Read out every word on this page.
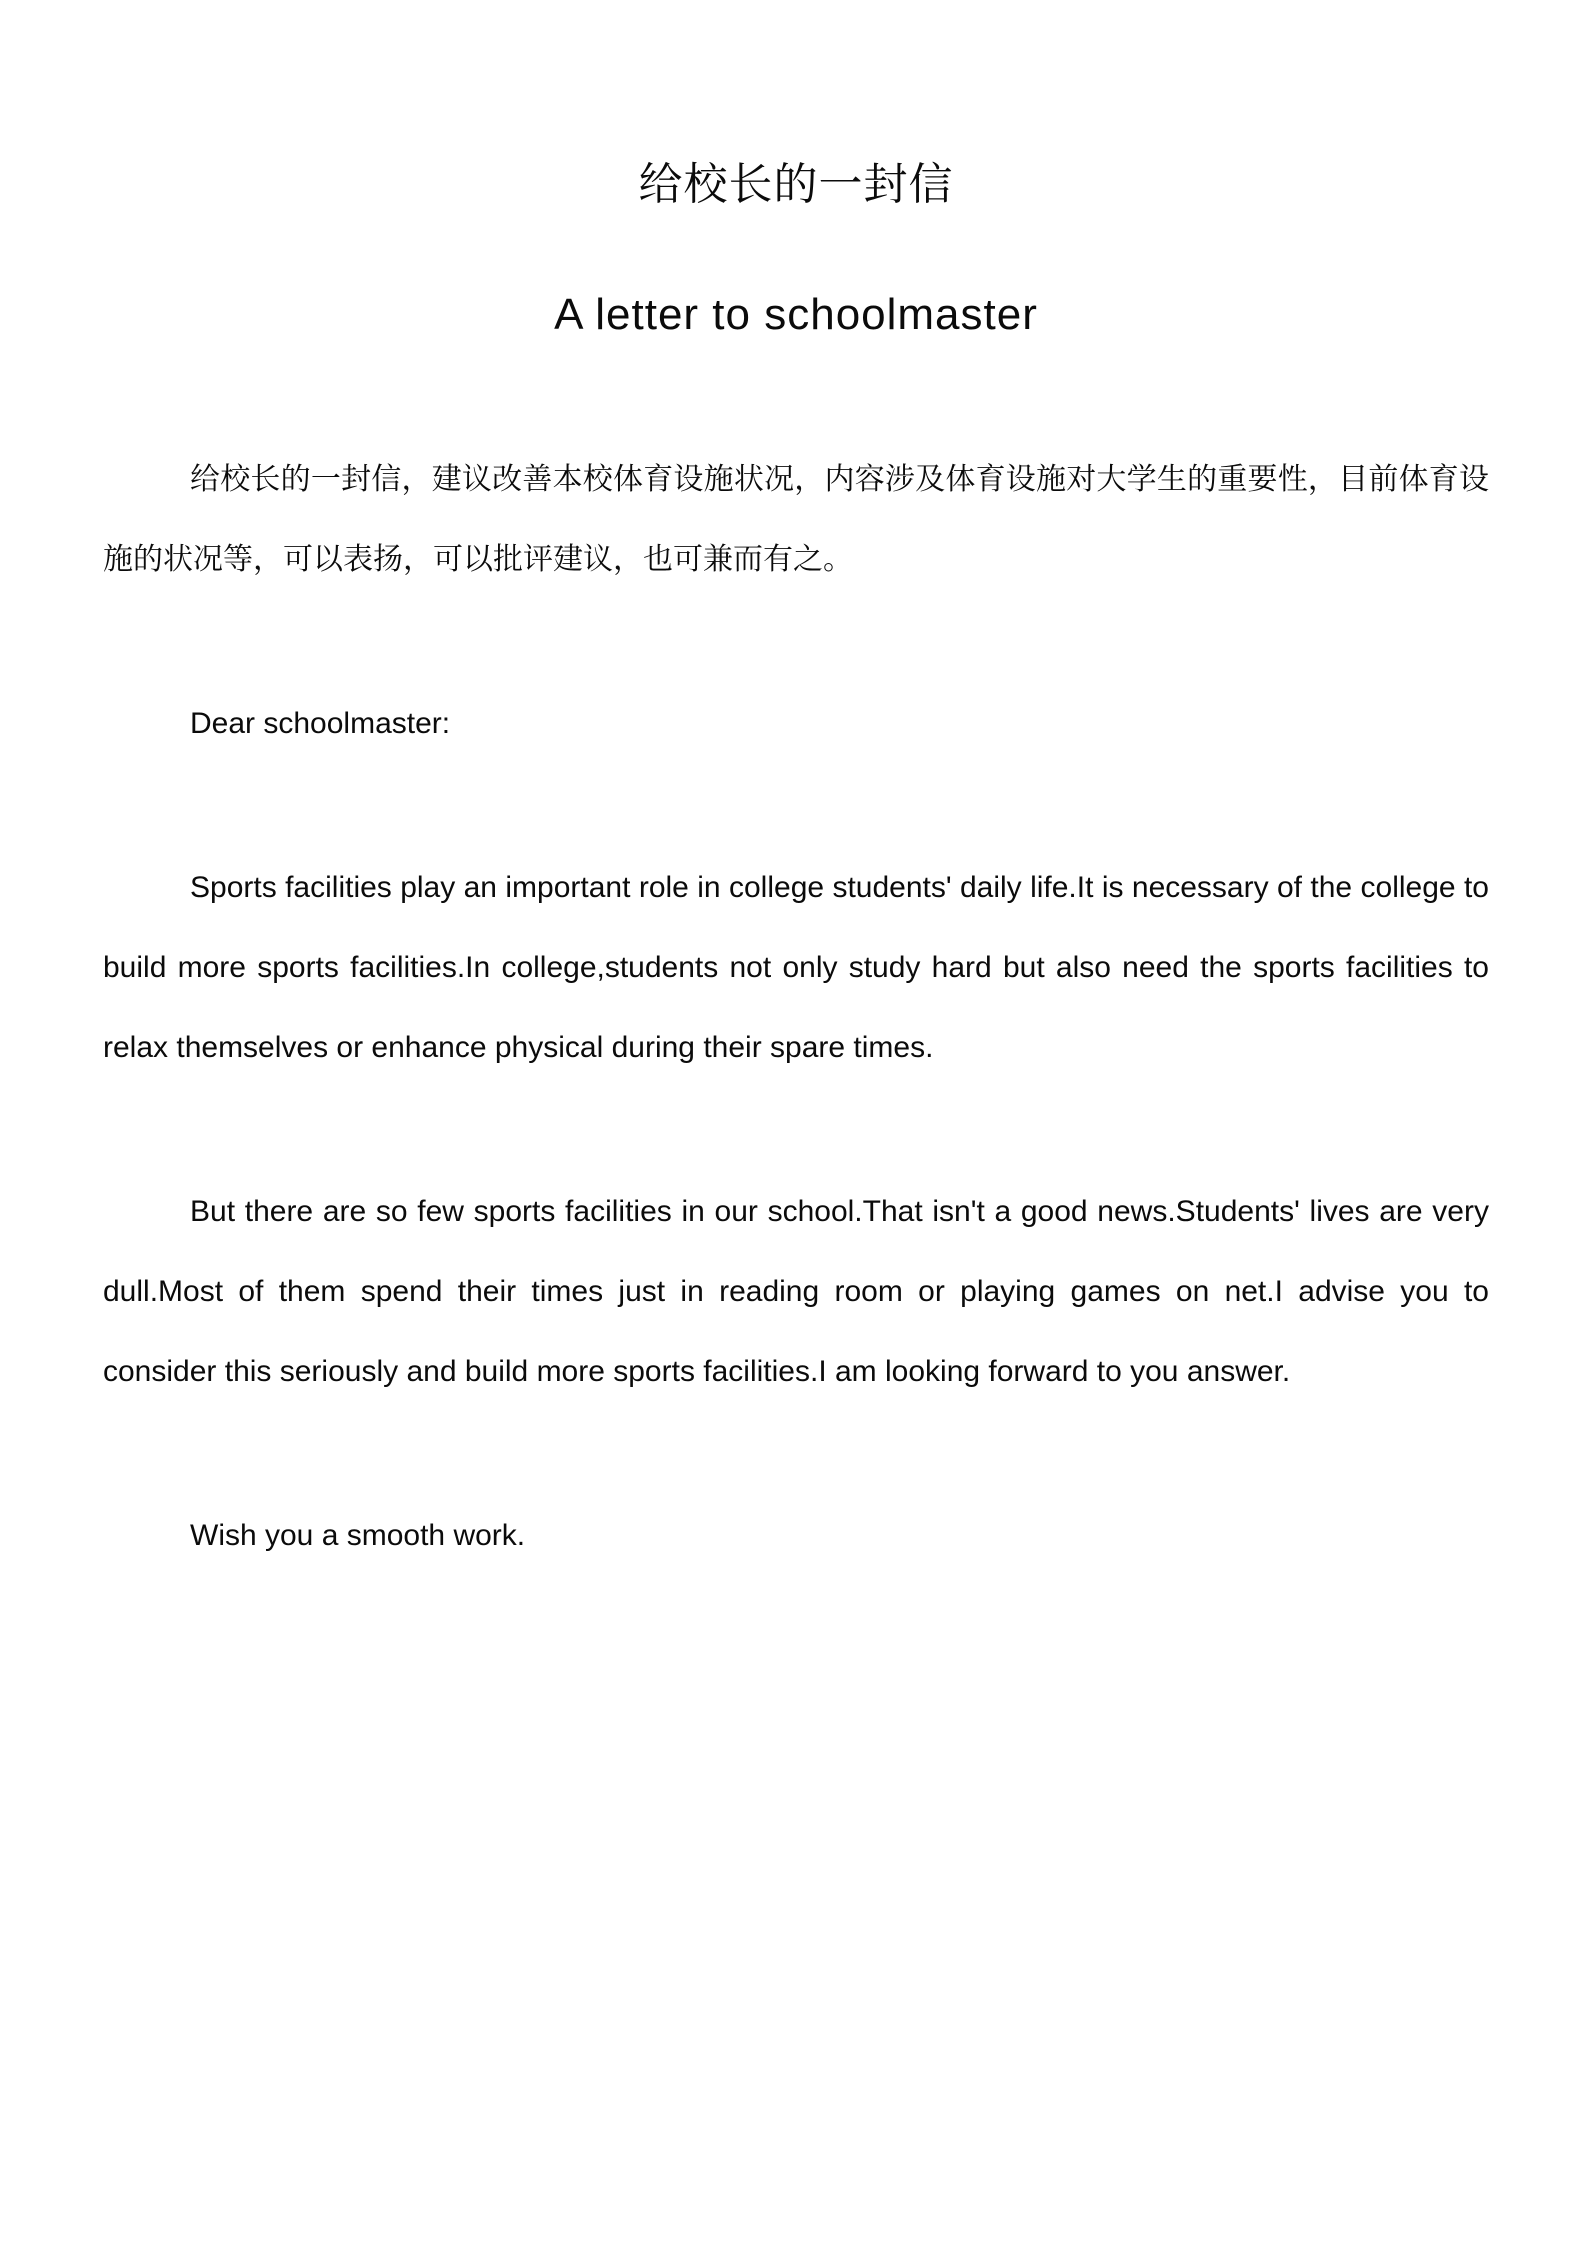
给校长的一封信
A letter to schoolmaster

给校长的一封信，建议改善本校体育设施状况，内容涉及体育设施对大学生的重要性，目前体育设施的状况等，可以表扬，可以批评建议，也可兼而有之。

Dear schoolmaster:

Sports facilities play an important role in college students' daily life.It is necessary of the college to build more sports facilities.In college,students not only study hard but also need the sports facilities to relax themselves or enhance physical during their spare times.

But there are so few sports facilities in our school.That isn't a good news.Students' lives are very dull.Most of them spend their times just in reading room or playing games on net.I advise you to consider this seriously and build more sports facilities.I am looking forward to you answer.

Wish you a smooth work.
